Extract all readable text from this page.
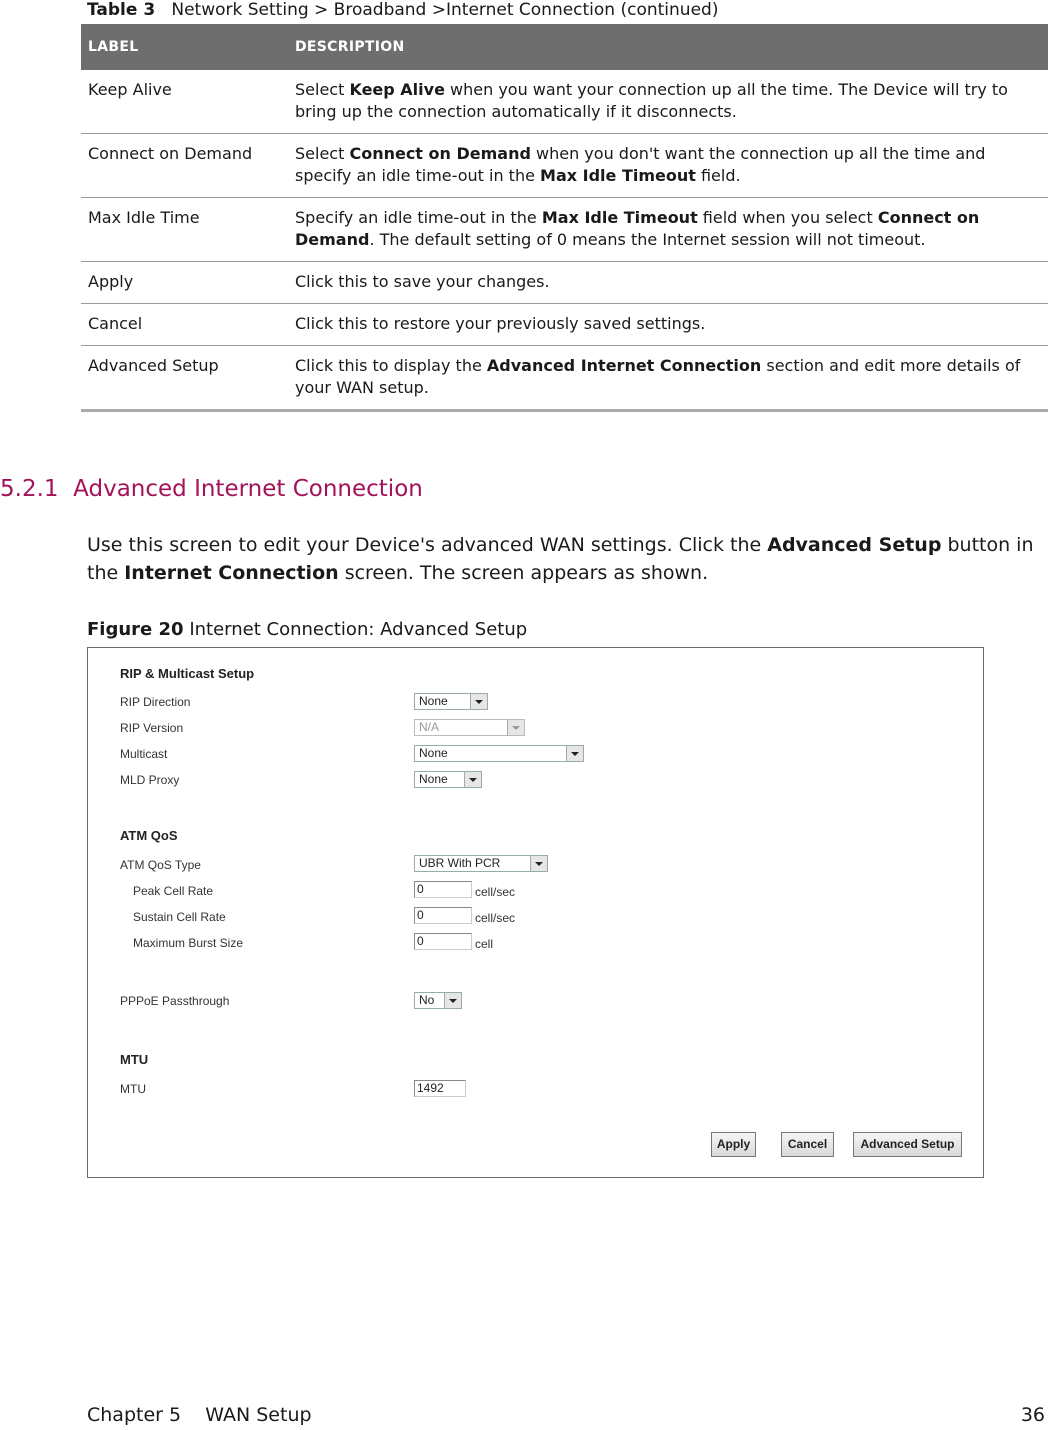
Table 3 Network Setting > Broadband >Internet Connection (continued)
LABEL	DESCRIPTION
Keep Alive	Select Keep Alive when you want your connection up all the time. The Device will try to bring up the connection automatically if it disconnects.
Connect on Demand	Select Connect on Demand when you don't want the connection up all the time and specify an idle time-out in the Max Idle Timeout field.
Max Idle Time	Specify an idle time-out in the Max Idle Timeout field when you select Connect on Demand. The default setting of 0 means the Internet session will not timeout.
Apply	Click this to save your changes.
Cancel	Click this to restore your previously saved settings.
Advanced Setup	Click this to display the Advanced Internet Connection section and edit more details of your WAN setup.
5.2.1 Advanced Internet Connection
Use this screen to edit your Device's advanced WAN settings. Click the Advanced Setup button in the Internet Connection screen. The screen appears as shown.
Figure 20 Internet Connection: Advanced Setup
RIP & Multicast Setup
RIP Direction	None
RIP Version	N/A
Multicast	None
MLD Proxy	None
ATM QoS
ATM QoS Type	UBR With PCR
Peak Cell Rate	0	cell/sec
Sustain Cell Rate	0	cell/sec
Maximum Burst Size	0	cell
PPPoE Passthrough	No
MTU
MTU	1492
Apply	Cancel	Advanced Setup
Chapter 5    WAN Setup	36
